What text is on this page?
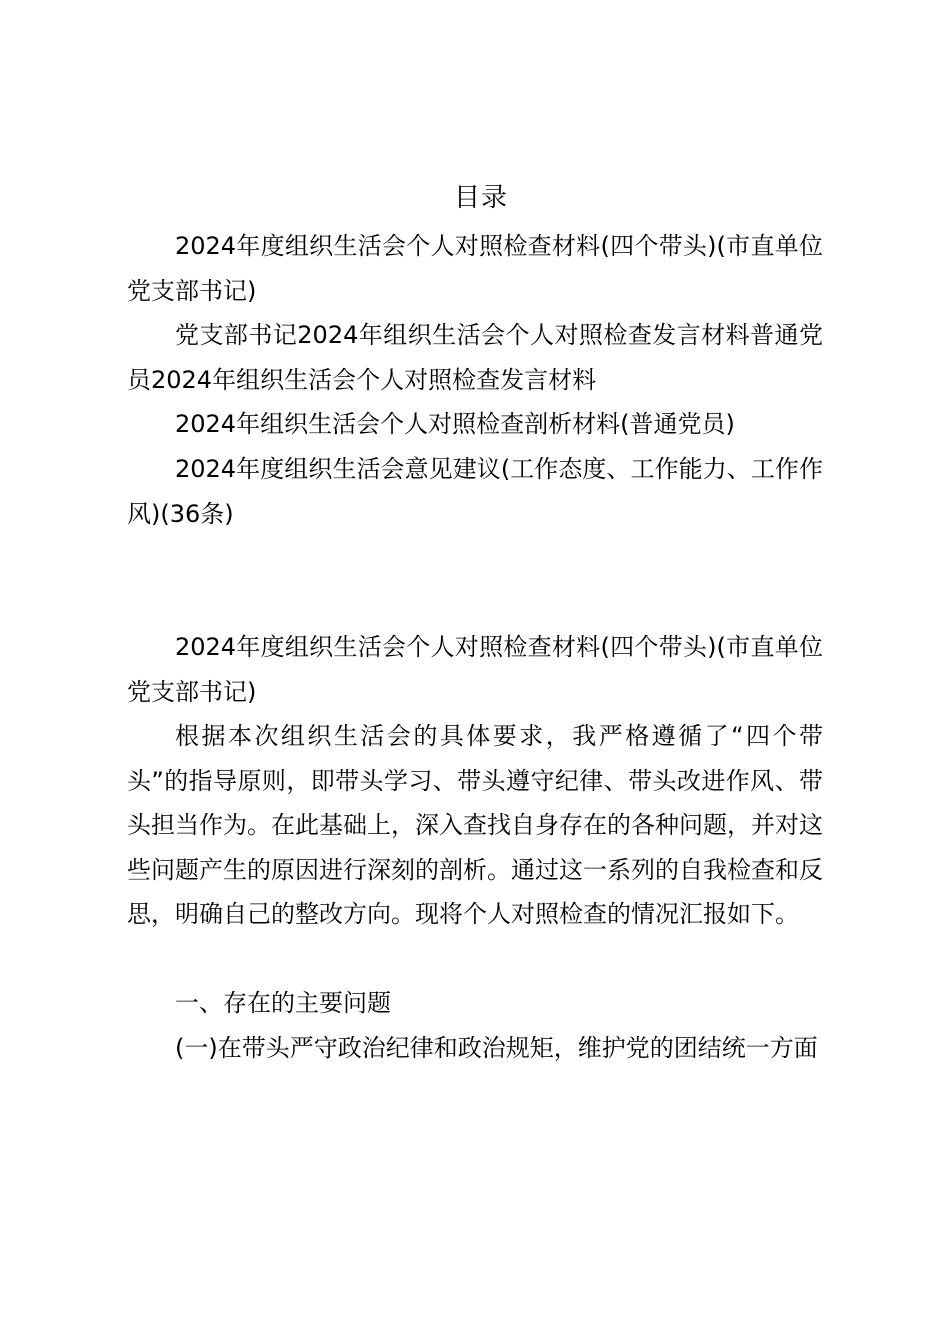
目录

2024年度组织生活会个人对照检查材料(四个带头)(市直单位党支部书记)

党支部书记2024年组织生活会个人对照检查发言材料普通党员2024年组织生活会个人对照检查发言材料

2024年组织生活会个人对照检查剖析材料(普通党员)

2024年度组织生活会意见建议(工作态度、工作能力、工作作风)(36条)

2024年度组织生活会个人对照检查材料(四个带头)(市直单位党支部书记)

根据本次组织生活会的具体要求，我严格遵循了“四个带头”的指导原则，即带头学习、带头遵守纪律、带头改进作风、带头担当作为。在此基础上，深入查找自身存在的各种问题，并对这些问题产生的原因进行深刻的剖析。通过这一系列的自我检查和反思，明确自己的整改方向。现将个人对照检查的情况汇报如下。

一、存在的主要问题

(一)在带头严守政治纪律和政治规矩，维护党的团结统一方面
